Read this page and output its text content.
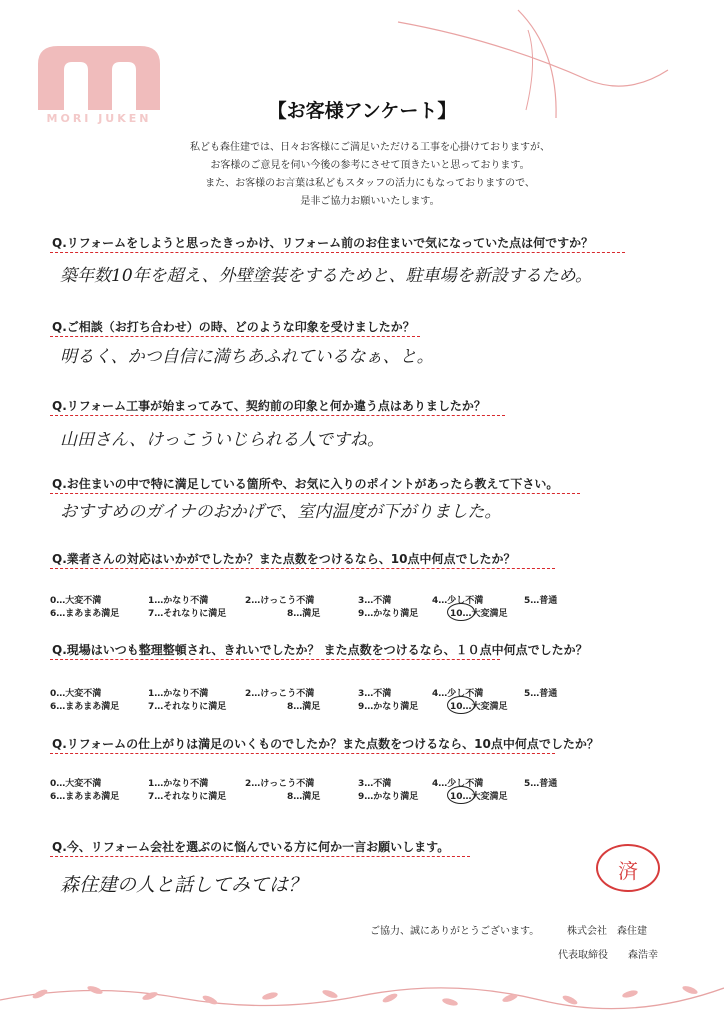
MORI JUKEN	【お客様アンケート】
私ども森住建では、日々お客様にご満足いただける工事を心掛けておりますが、
お客様のご意見を伺い今後の参考にさせて頂きたいと思っております。
また、お客様のお言葉は私どもスタッフの活力にもなっておりますので、
是非ご協力お願いいたします。
Q.リフォームをしようと思ったきっかけ、リフォーム前のお住まいで気になっていた点は何ですか？
築年数10年を超え、外壁塗装をするためと、駐車場を新設するため。
Q.ご相談（お打ち合わせ）の時、どのような印象を受けましたか？
明るく、かつ自信に満ちあふれているなぁ、と。
Q.リフォーム工事が始まってみて、契約前の印象と何か違う点はありましたか？
山田さん、けっこういじられる人ですね。
Q.お住まいの中で特に満足している箇所や、お気に入りのポイントがあったら教えて下さい。
おすすめのガイナのおかげで、室内温度が下がりました。
Q.業者さんの対応はいかがでしたか？また点数をつけるなら、10点中何点でしたか？
0…大変不満	1…かなり不満	2…けっこう不満	3…不満	4…少し不満	5…普通
6…まあまあ満足	7…それなりに満足	8…満足	9…かなり満足	10…大変満足
Q.現場はいつも整理整頓され、きれいでしたか？ また点数をつけるなら、１０点中何点でしたか？
0…大変不満	1…かなり不満	2…けっこう不満	3…不満	4…少し不満	5…普通
6…まあまあ満足	7…それなりに満足	8…満足	9…かなり満足	10…大変満足
Q.リフォームの仕上がりは満足のいくものでしたか？また点数をつけるなら、10点中何点でしたか？
0…大変不満	1…かなり不満	2…けっこう不満	3…不満	4…少し不満	5…普通
6…まあまあ満足	7…それなりに満足	8…満足	9…かなり満足	10…大変満足
Q.今、リフォーム会社を選ぶのに悩んでいる方に何か一言お願いします。
森住建の人と話してみては？
済
ご協力、誠にありがとうございます。	株式会社　森住建
代表取締役 森浩幸
